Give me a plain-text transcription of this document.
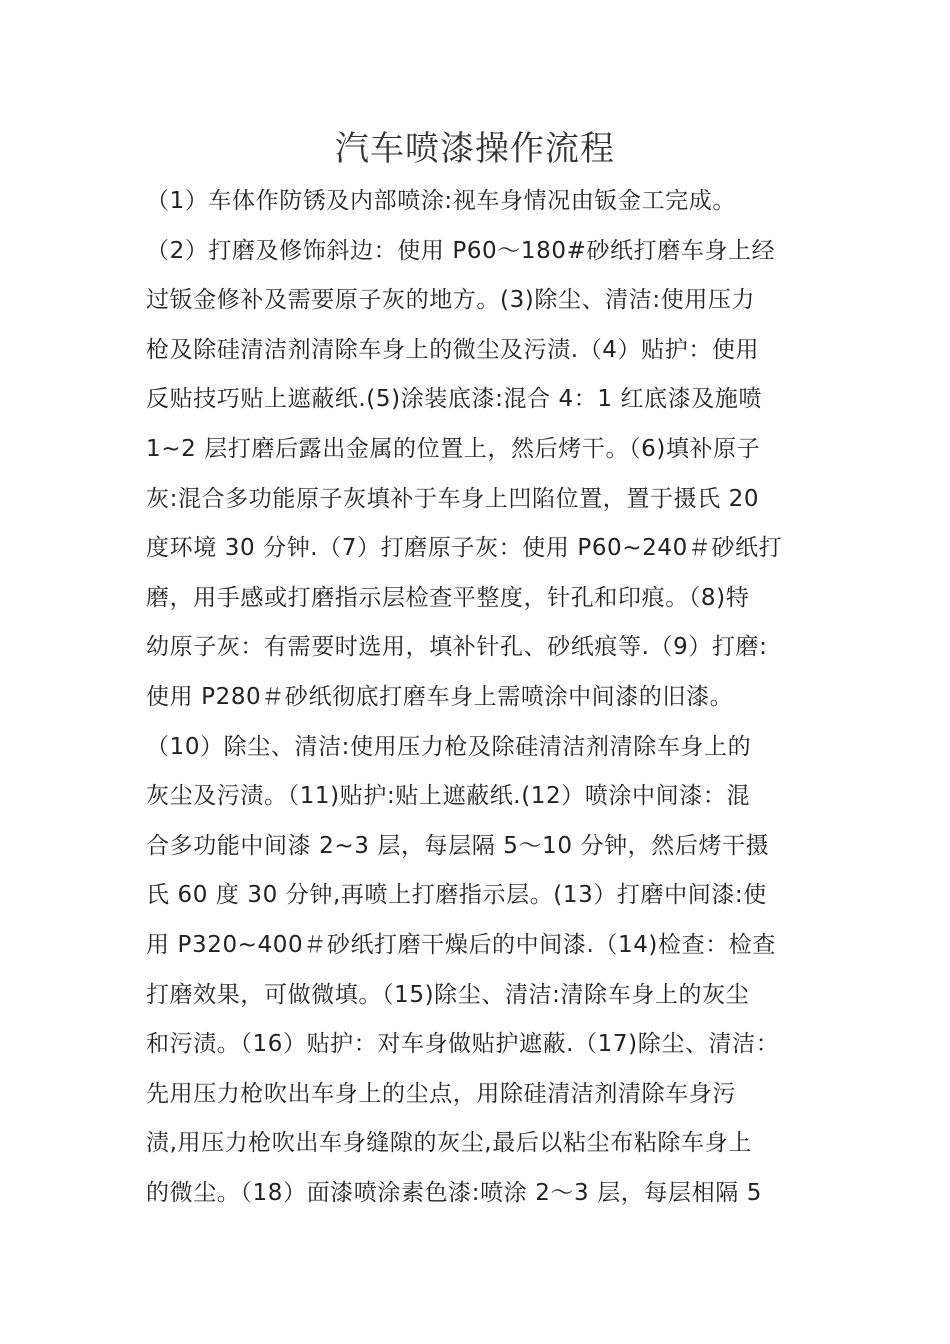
汽车喷漆操作流程
（1）车体作防锈及内部喷涂:视车身情况由钣金工完成。
（2）打磨及修饰斜边：使用 P60～180#砂纸打磨车身上经
过钣金修补及需要原子灰的地方。(3)除尘、清洁:使用压力
枪及除硅清洁剂清除车身上的微尘及污渍.（4）贴护：使用
反贴技巧贴上遮蔽纸.(5)涂装底漆:混合 4：1 红底漆及施喷
1~2 层打磨后露出金属的位置上，然后烤干。（6)填补原子
灰:混合多功能原子灰填补于车身上凹陷位置，置于摄氏 20
度环境 30 分钟.（7）打磨原子灰：使用 P60~240＃砂纸打
磨，用手感或打磨指示层检查平整度，针孔和印痕。（8)特
幼原子灰：有需要时选用，填补针孔、砂纸痕等.（9）打磨:
使用 P280＃砂纸彻底打磨车身上需喷涂中间漆的旧漆。
（10）除尘、清洁:使用压力枪及除硅清洁剂清除车身上的
灰尘及污渍。（11)贴护:贴上遮蔽纸.(12）喷涂中间漆：混
合多功能中间漆 2~3 层，每层隔 5～10 分钟，然后烤干摄
氏 60 度 30 分钟,再喷上打磨指示层。(13）打磨中间漆:使
用 P320~400＃砂纸打磨干燥后的中间漆.（14)检查：检查
打磨效果，可做微填。（15)除尘、清洁:清除车身上的灰尘
和污渍。（16）贴护：对车身做贴护遮蔽.（17)除尘、清洁：
先用压力枪吹出车身上的尘点，用除硅清洁剂清除车身污
渍,用压力枪吹出车身缝隙的灰尘,最后以粘尘布粘除车身上
的微尘。（18）面漆喷涂素色漆:喷涂 2～3 层，每层相隔 5
